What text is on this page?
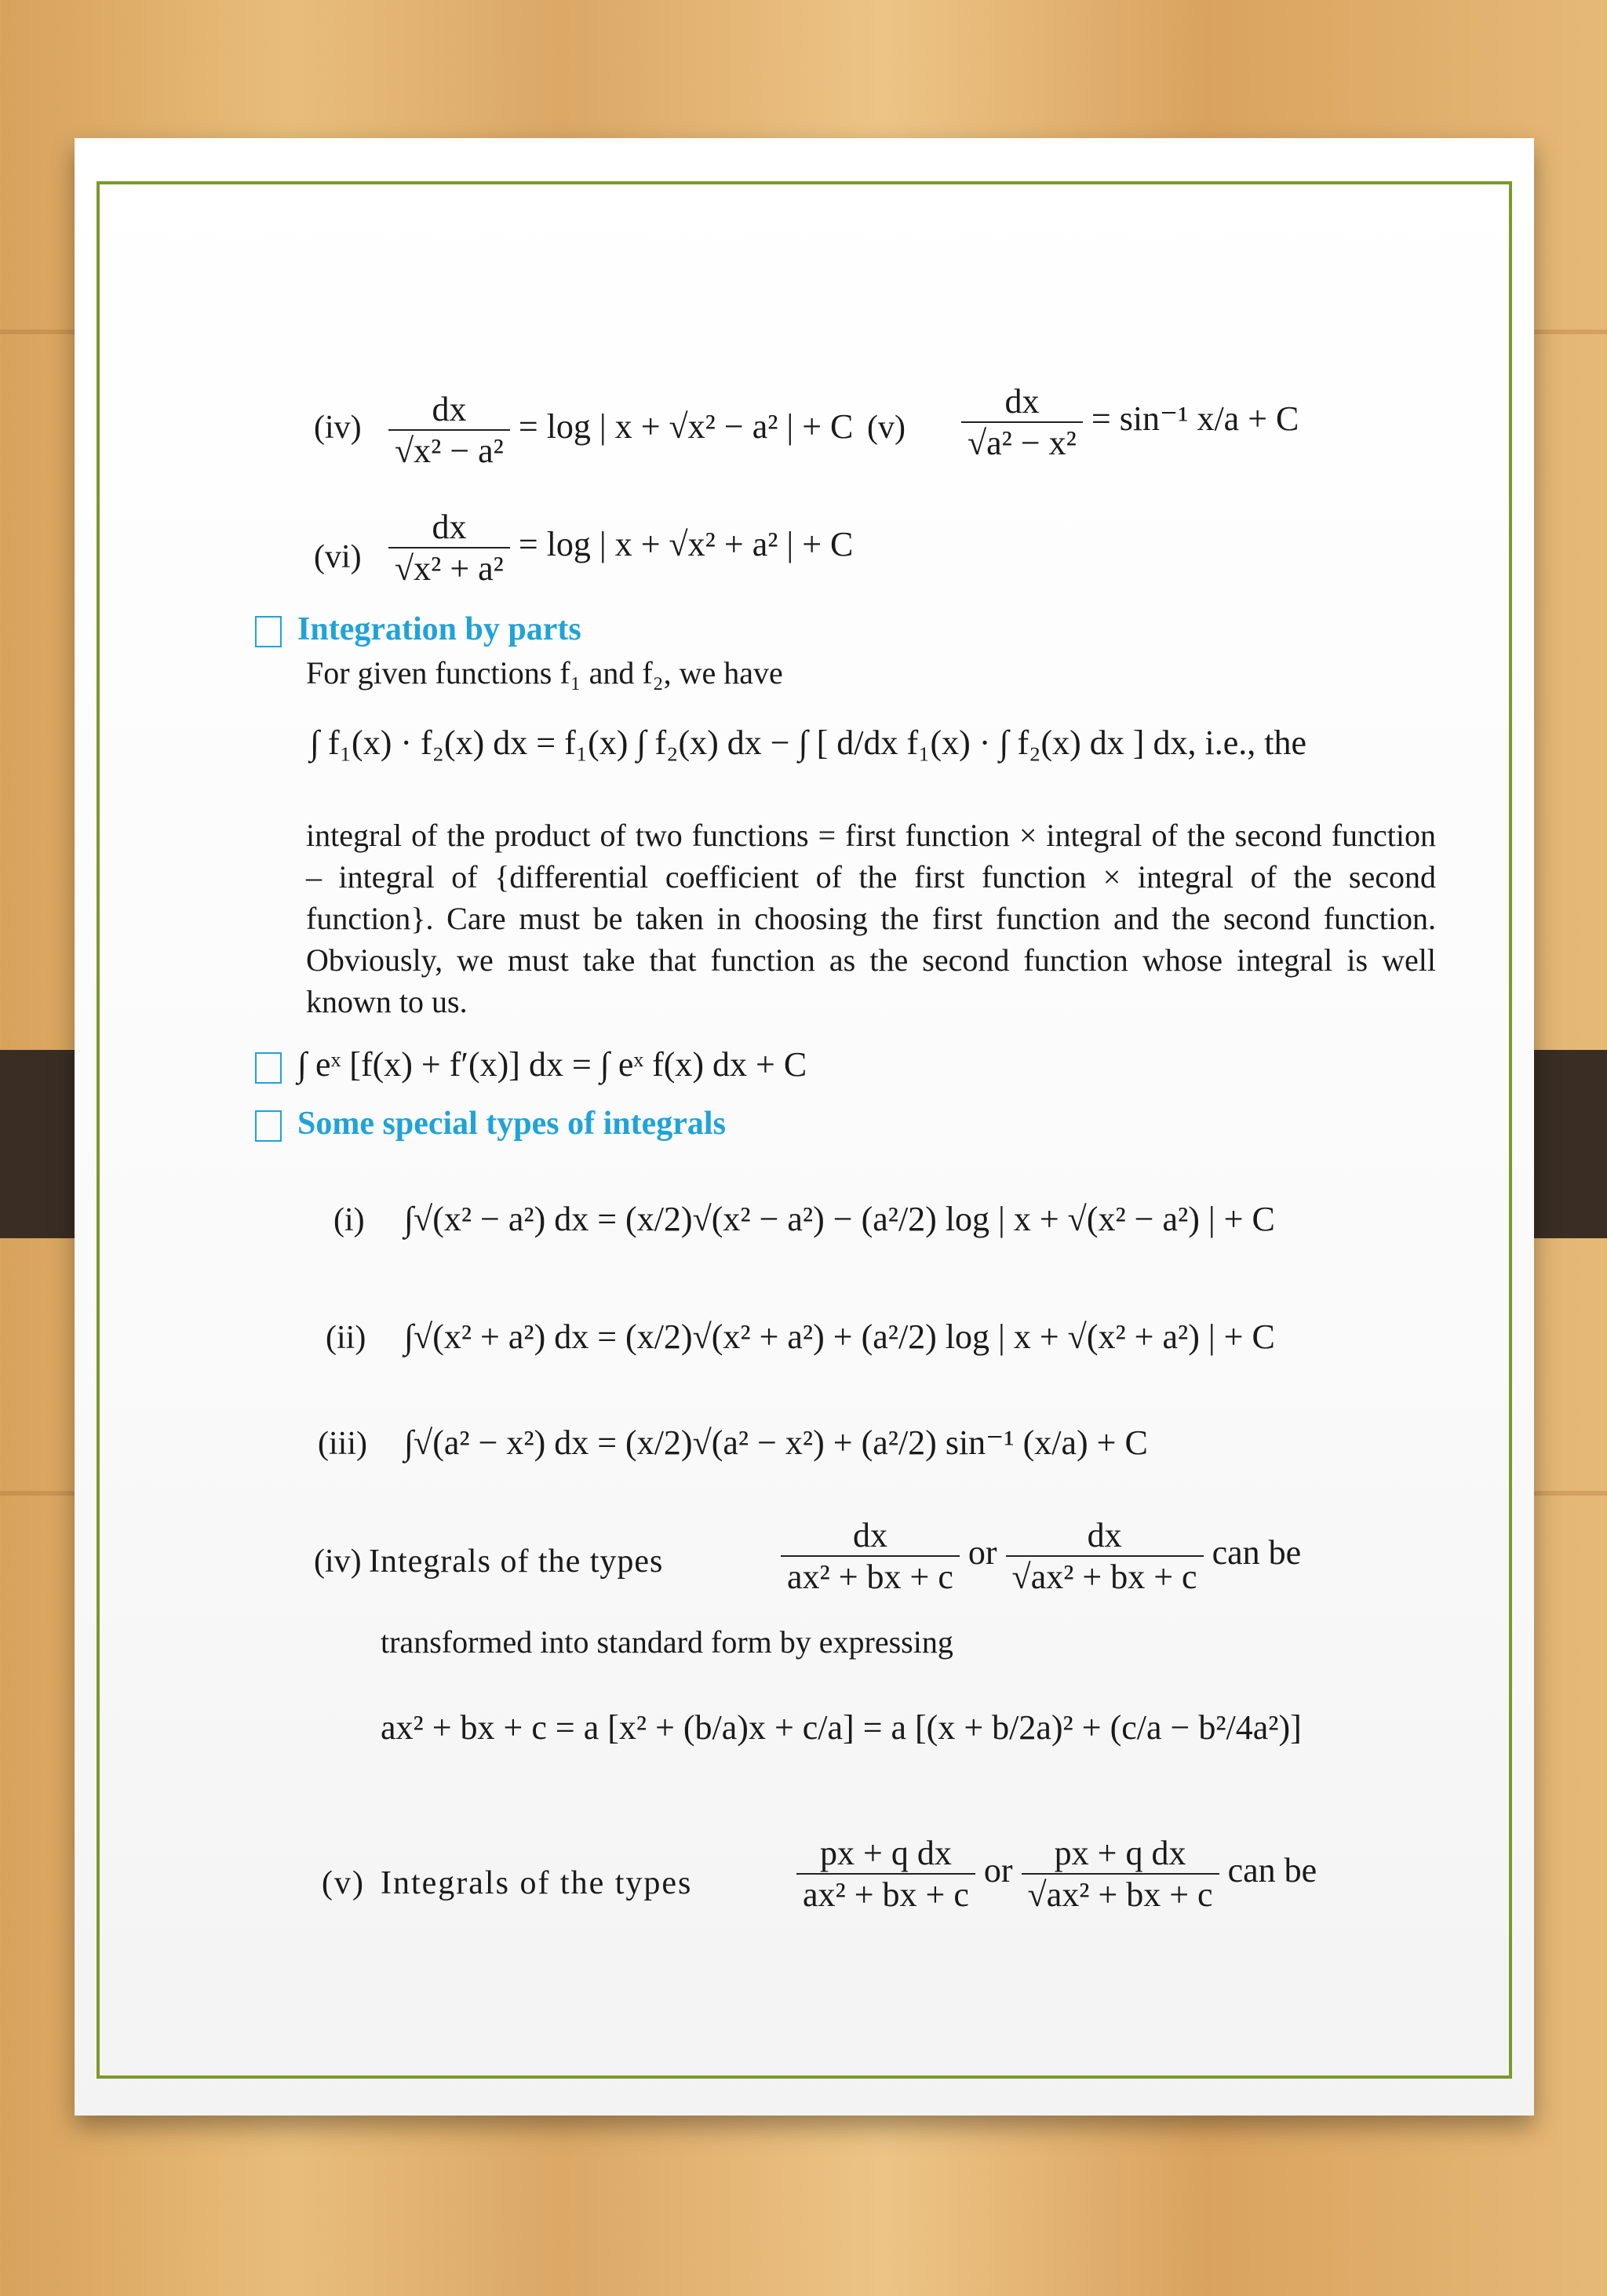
$(iv) \frac{dx}{\text{√x² − a²}} = \log$ | x + √x² − a² | + C $(v) \frac{dx}{\text{√a² − x²}} = \sin^{-1}$ x/a + C
$(vi) \frac{dx}{\text{√x² + a²}} = \log$ | x + √x² + a² | + C
Integration by parts
For given functions f₁ and f₂, we have
∫ f₁(x) · f₂(x) dx = f₁(x) ∫ f₂(x) dx − ∫ [ d/dx f₁(x) · ∫ f₂(x) dx ] dx, i.e., the
integral of the product of two functions = first function × integral of the second function – integral of {differential coefficient of the first function × integral of the second function}. Care must be taken in choosing the first function and the second function. Obviously, we must take that function as the second function whose integral is well known to us.
∫ eˣ [f(x) + f′(x)] dx = ∫ eˣ f(x) dx + C
Some special types of integrals
(i) ∫√(x² − a²) dx = (x/2)√(x² − a²) − (a²/2) log | x + √(x² − a²) | + C
(ii) ∫√(x² + a²) dx = (x/2)√(x² + a²) + (a²/2) log | x + √(x² + a²) | + C
(iii) ∫√(a² − x²) dx = (x/2)√(a² − x²) + (a²/2) sin⁻¹ (x/a) + C
(iv) Integrals of the types	$\frac{dx}{\text{ax² + bx + c}}$ or $\frac{dx}{\text{√ax² + bx + c}}$ can be
transformed into standard form by expressing
ax² + bx + c = a [x² + (b/a)x + c/a] = a [(x + b/2a)² + (c/a − b²/4a²)]
(v) Integrals of the types	$\frac{\text{px + q dx}}{\text{ax² + bx + c}}$ or $\frac{\text{px + q dx}}{\text{√ax² + bx + c}}$ can be
